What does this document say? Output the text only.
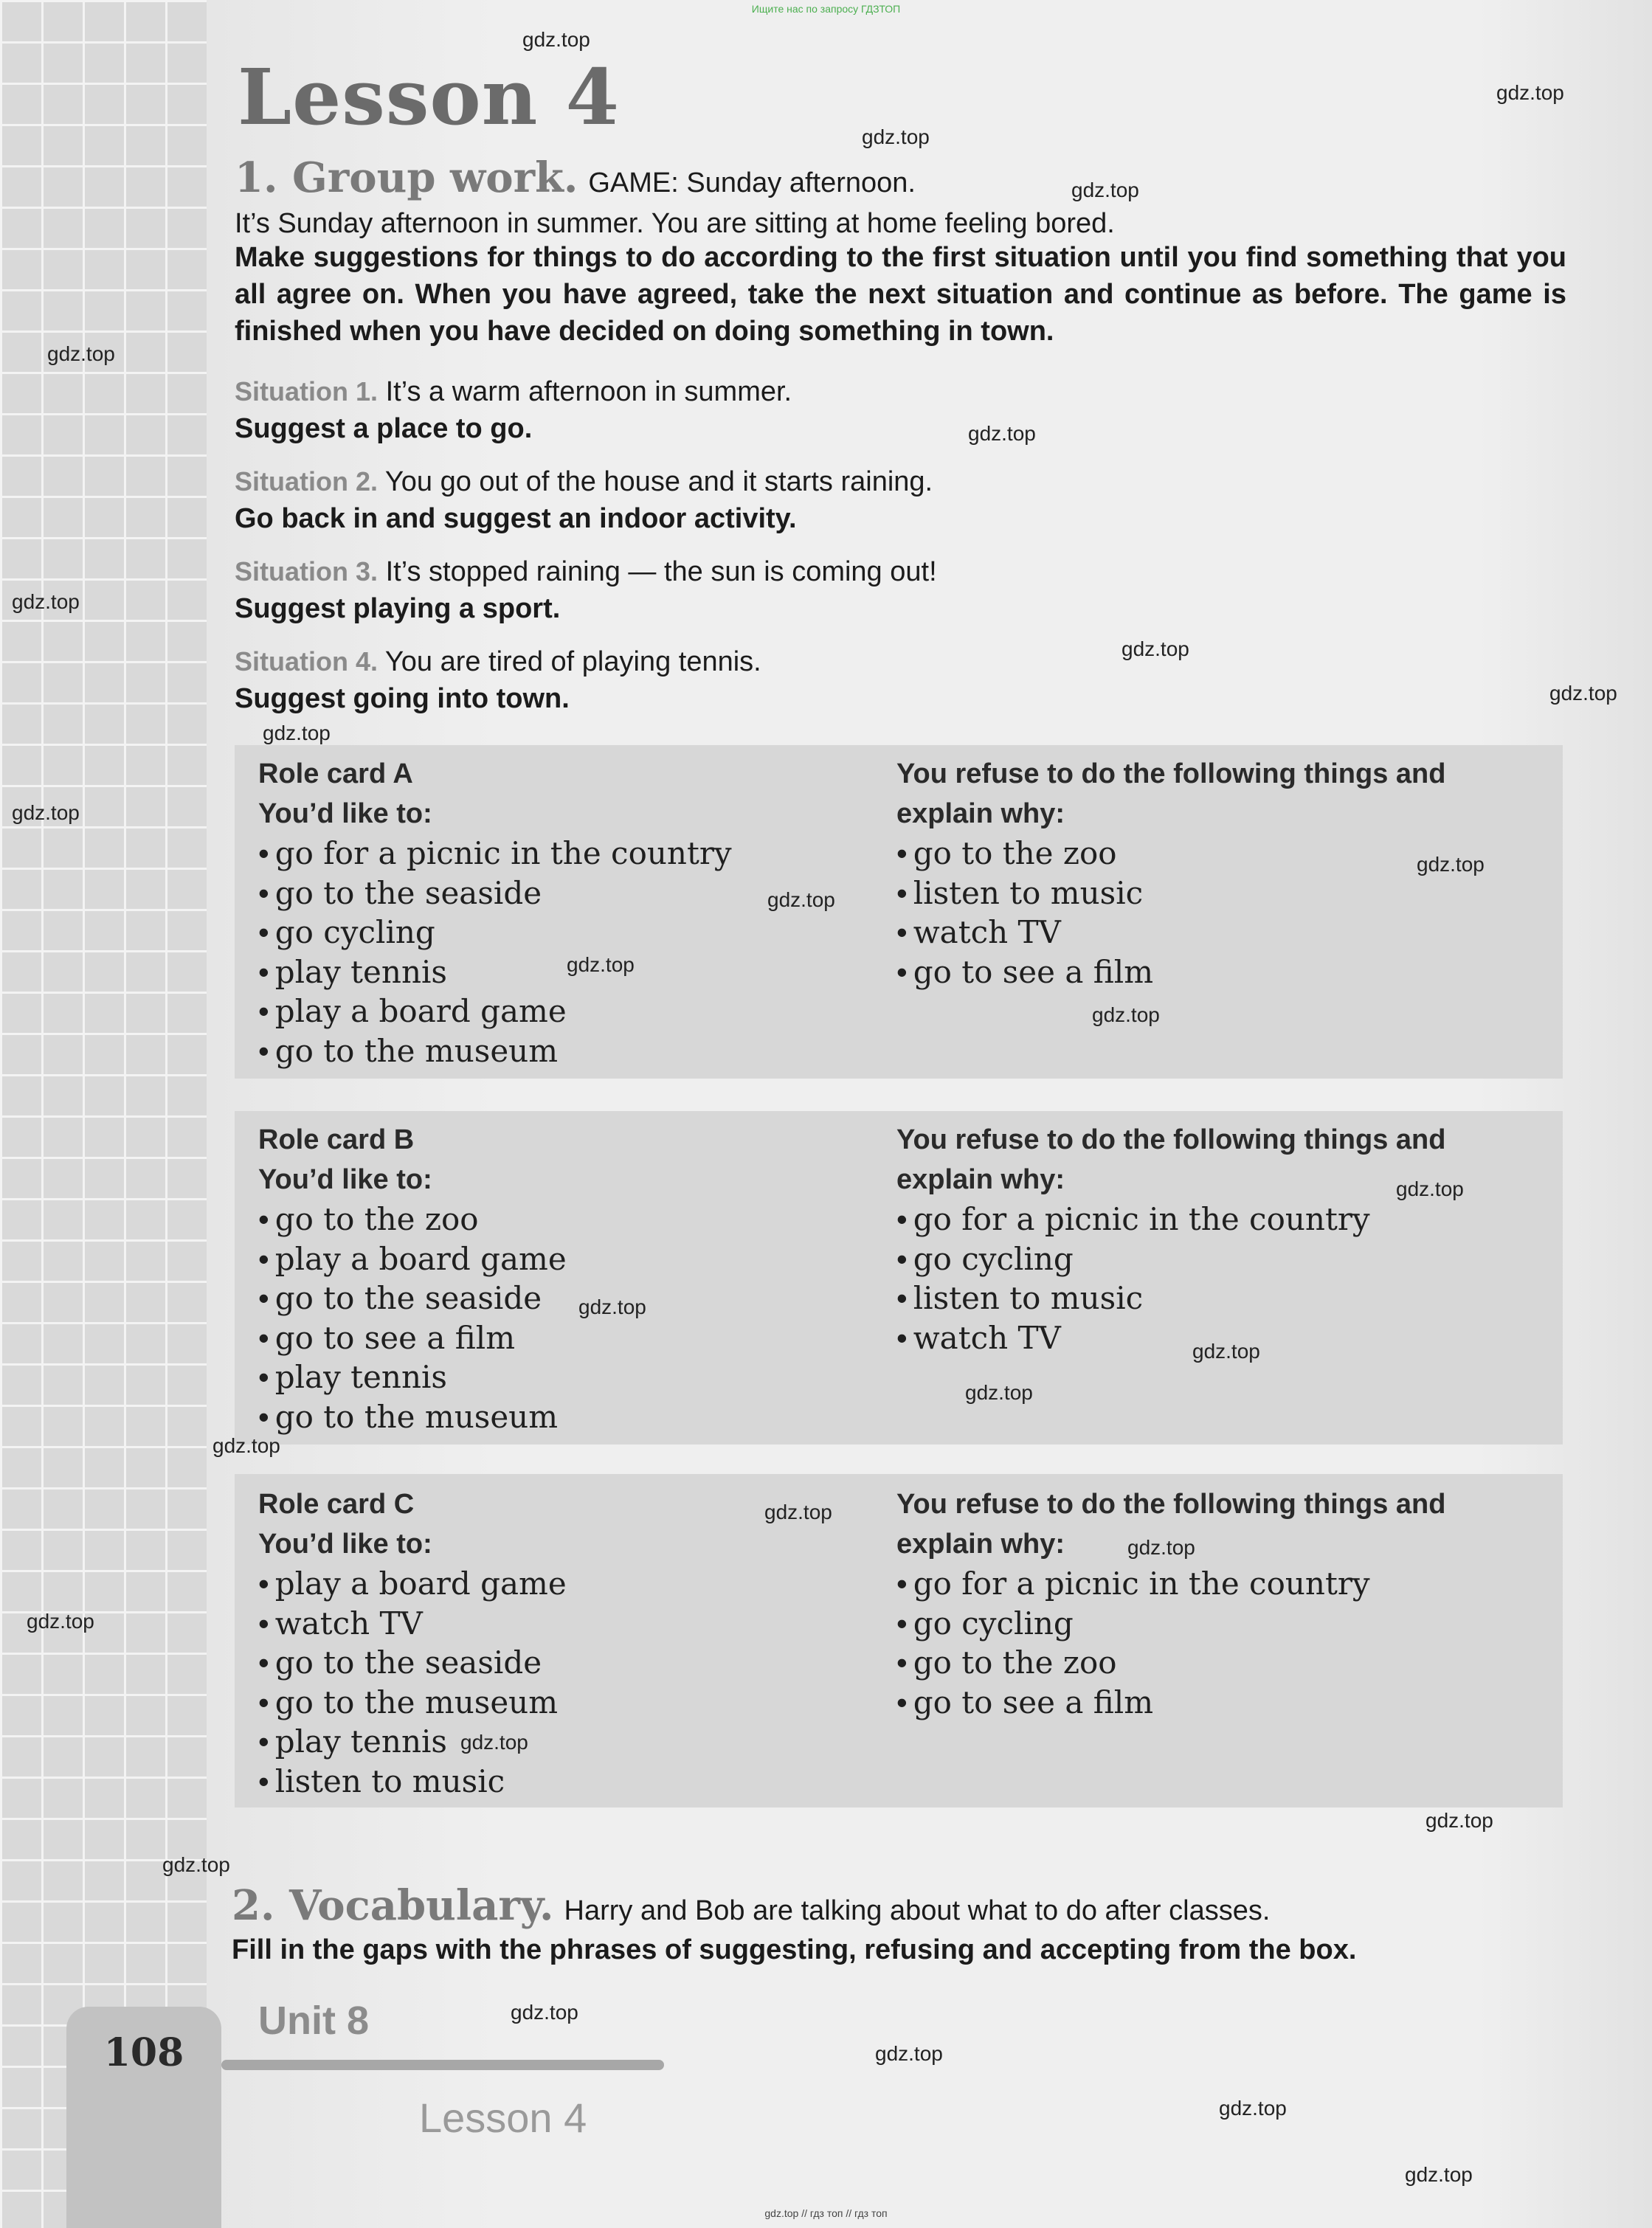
Ищите нас по запросу ГДЗТОП
Lesson 4
1. Group work. GAME: Sunday afternoon.
It’s Sunday afternoon in summer. You are sitting at home feeling bored.
Make suggestions for things to do according to the first situation until you find something that you all agree on. When you have agreed, take the next situation and continue as before. The game is finished when you have decided on doing something in town.
Situation 1. It’s a warm afternoon in summer.
Suggest a place to go.
Situation 2. You go out of the house and it starts raining.
Go back in and suggest an indoor activity.
Situation 3. It’s stopped raining — the sun is coming out!
Suggest playing a sport.
Situation 4. You are tired of playing tennis.
Suggest going into town.
Role card A
You’d like to:
• go for a picnic in the country
• go to the seaside
• go cycling
• play tennis
• play a board game
• go to the museum
You refuse to do the following things and explain why:
• go to the zoo
• listen to music
• watch TV
• go to see a film
Role card B
You’d like to:
• go to the zoo
• play a board game
• go to the seaside
• go to see a film
• play tennis
• go to the museum
You refuse to do the following things and explain why:
• go for a picnic in the country
• go cycling
• listen to music
• watch TV
Role card C
You’d like to:
• play a board game
• watch TV
• go to the seaside
• go to the museum
• play tennis
• listen to music
You refuse to do the following things and explain why:
• go for a picnic in the country
• go cycling
• go to the zoo
• go to see a film
2. Vocabulary. Harry and Bob are talking about what to do after classes.
Fill in the gaps with the phrases of suggesting, refusing and accepting from the box.
108
Unit 8
Lesson 4
gdz.top
gdz.top
gdz.top
gdz.top
gdz.top
gdz.top
gdz.top
gdz.top
gdz.top
gdz.top
gdz.top
gdz.top
gdz.top
gdz.top
gdz.top
gdz.top
gdz.top
gdz.top
gdz.top
gdz.top
gdz.top
gdz.top
gdz.top
gdz.top
gdz.top
gdz.top
gdz.top
gdz.top
gdz.top
gdz.top
gdz.top // гдз топ // гдз топ
